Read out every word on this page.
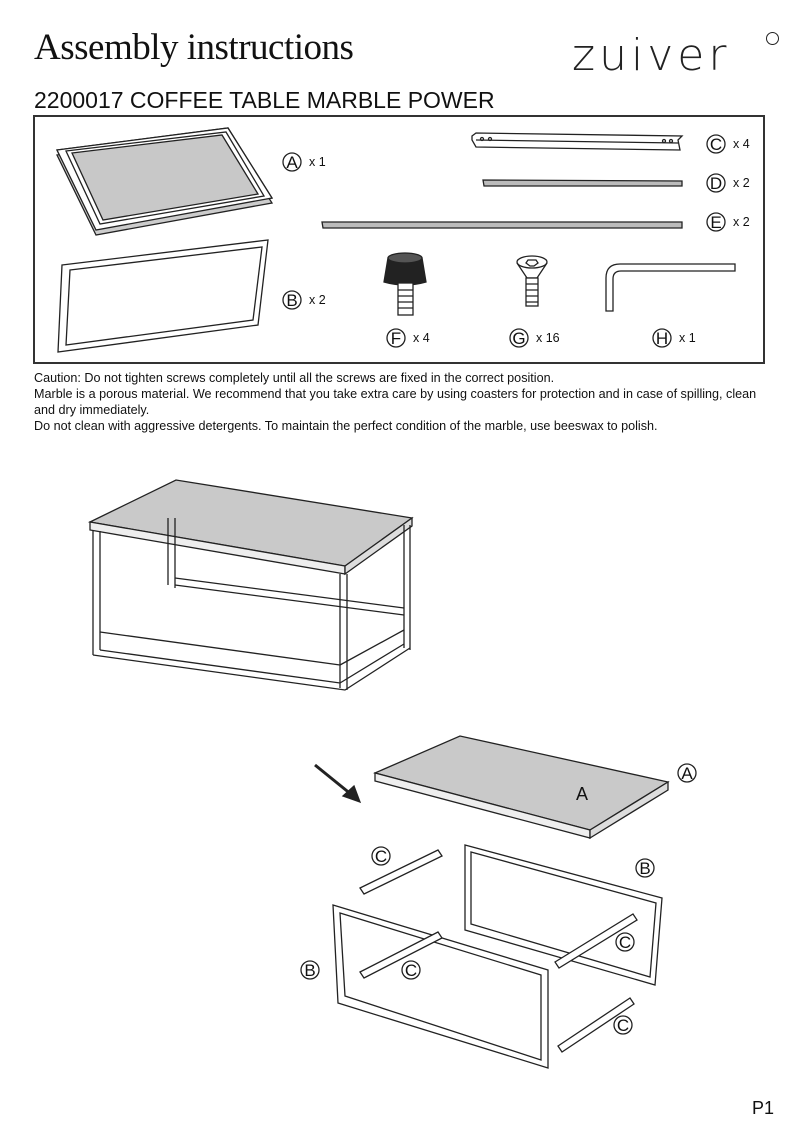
Assembly instructions	zuiver
2200017 COFFEE TABLE MARBLE POWER

Caution: Do not tighten screws completely until all the screws are fixed in the correct position.

Marble is a porous material. We recommend that you take extra care by using coasters for protection and in case of spilling, clean and dry immediately.

Do not clean with aggressive detergents. To maintain the perfect condition of the marble, use beeswax to polish.

A x 1
B x 2
C x 4
D x 2
E x 2
F x 4	G x 16	H x 1
A
A
C
B
C
B	C
C
P1
